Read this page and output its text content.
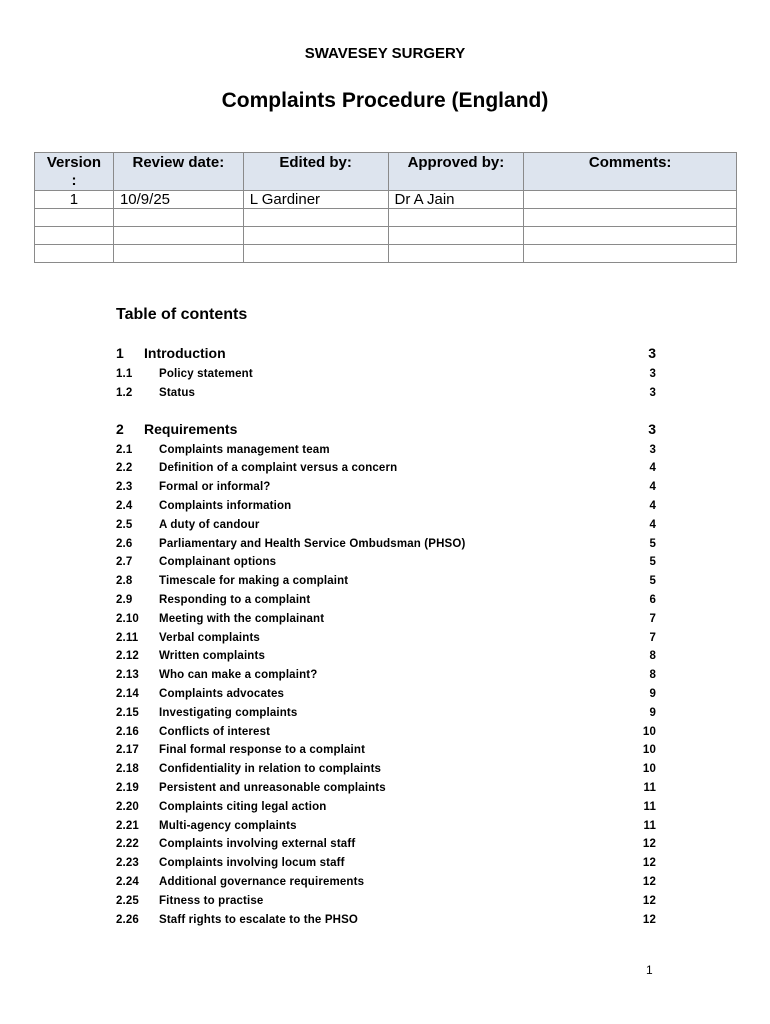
SWAVESEY SURGERY
Complaints Procedure (England)
Version
:	Review date:	Edited by:	Approved by:	Comments:
1	10/9/25	L Gardiner	Dr A Jain	

Table of contents
1	Introduction	3
1.1	Policy statement	3
1.2	Status	3
2	Requirements	3
2.1	Complaints management team	3
2.2	Definition of a complaint versus a concern	4
2.3	Formal or informal?	4
2.4	Complaints information	4
2.5	A duty of candour	4
2.6	Parliamentary and Health Service Ombudsman (PHSO)	5
2.7	Complainant options	5
2.8	Timescale for making a complaint	5
2.9	Responding to a complaint	6
2.10	Meeting with the complainant	7
2.11	Verbal complaints	7
2.12	Written complaints	8
2.13	Who can make a complaint?	8
2.14	Complaints advocates	9
2.15	Investigating complaints	9
2.16	Conflicts of interest	10
2.17	Final formal response to a complaint	10
2.18	Confidentiality in relation to complaints	10
2.19	Persistent and unreasonable complaints	11
2.20	Complaints citing legal action	11
2.21	Multi-agency complaints	11
2.22	Complaints involving external staff	12
2.23	Complaints involving locum staff	12
2.24	Additional governance requirements	12
2.25	Fitness to practise	12
2.26	Staff rights to escalate to the PHSO	12
1
